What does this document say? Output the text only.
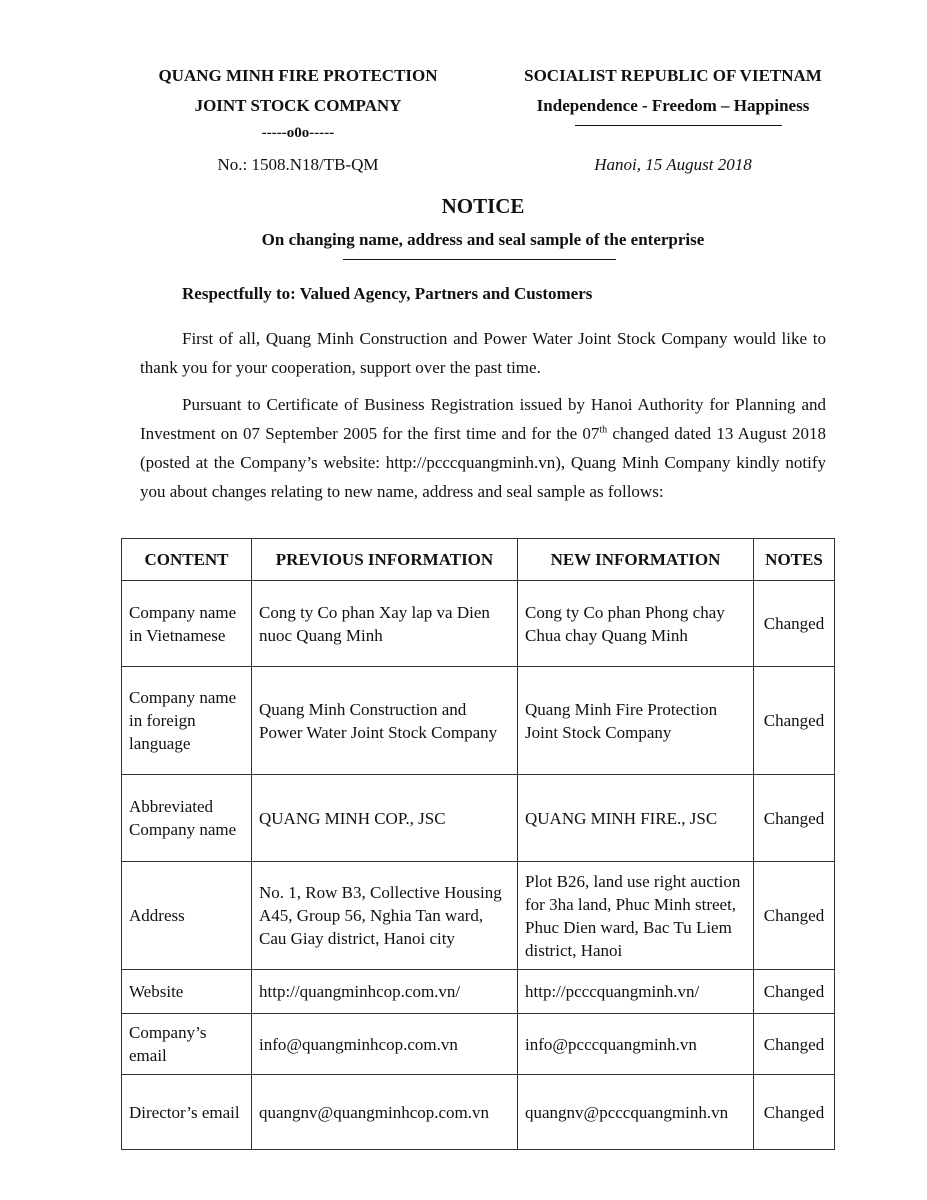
QUANG MINH FIRE PROTECTION
JOINT STOCK COMPANY
-----o0o-----
No.: 1508.N18/TB-QM
SOCIALIST REPUBLIC OF VIETNAM
Independence - Freedom – Happiness
Hanoi, 15 August 2018
NOTICE
On changing name, address and seal sample of the enterprise
Respectfully to: Valued Agency, Partners and Customers
First of all, Quang Minh Construction and Power Water Joint Stock Company would like to thank you for your cooperation, support over the past time.
Pursuant to Certificate of Business Registration issued by Hanoi Authority for Planning and Investment on 07 September 2005 for the first time and for the 07th changed dated 13 August 2018 (posted at the Company’s website: http://pcccquangminh.vn), Quang Minh Company kindly notify you about changes relating to new name, address and seal sample as follows:
CONTENT	PREVIOUS INFORMATION	NEW INFORMATION	NOTES
Company name in Vietnamese	Cong ty Co phan Xay lap va Dien nuoc Quang Minh	Cong ty Co phan Phong chay Chua chay Quang Minh	Changed
Company name in foreign language	Quang Minh Construction and Power Water Joint Stock Company	Quang Minh Fire Protection Joint Stock Company	Changed
Abbreviated Company name	QUANG MINH COP., JSC	QUANG MINH FIRE., JSC	Changed
Address	No. 1, Row B3, Collective Housing A45, Group 56, Nghia Tan ward, Cau Giay district, Hanoi city	Plot B26, land use right auction for 3ha land, Phuc Minh street, Phuc Dien ward, Bac Tu Liem district, Hanoi	Changed
Website	http://quangminhcop.com.vn/	http://pcccquangminh.vn/	Changed
Company’s email	info@quangminhcop.com.vn	info@pcccquangminh.vn	Changed
Director’s email	quangnv@quangminhcop.com.vn	quangnv@pcccquangminh.vn	Changed
